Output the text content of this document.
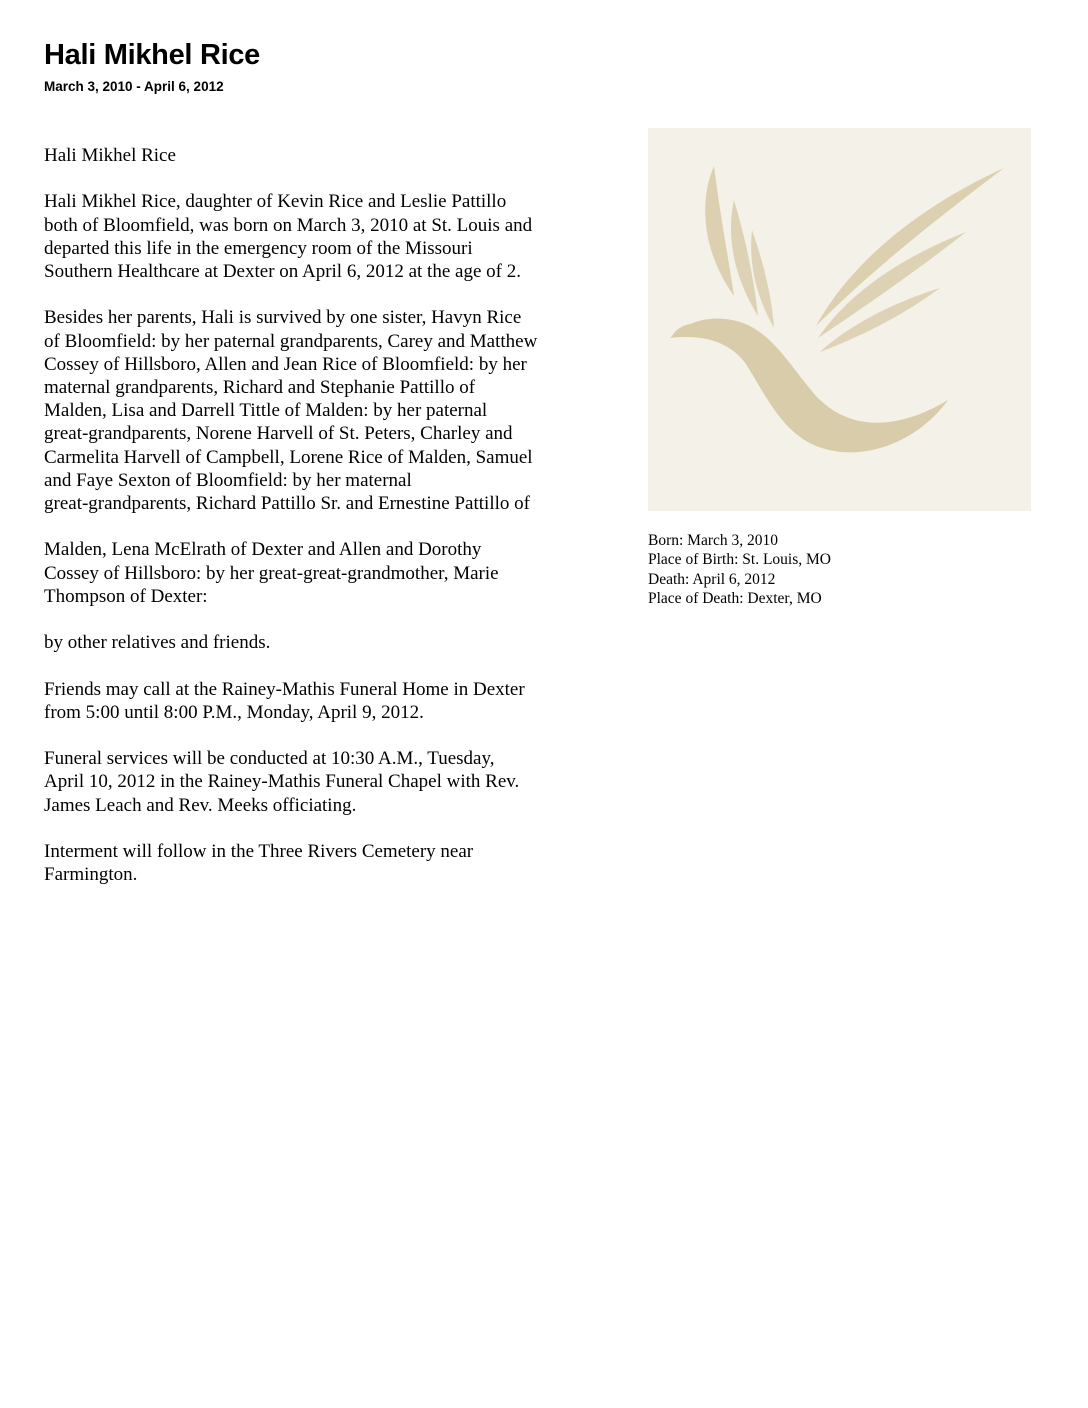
Hali Mikhel Rice
March 3, 2010 - April 6, 2012

Hali Mikhel Rice

Hali Mikhel Rice, daughter of Kevin Rice and Leslie Pattillo
both of Bloomfield, was born on March 3, 2010 at St. Louis and
departed this life in the emergency room of the Missouri
Southern Healthcare at Dexter on April 6, 2012 at the age of 2.

Besides her parents, Hali is survived by one sister, Havyn Rice
of Bloomfield: by her paternal grandparents, Carey and Matthew
Cossey of Hillsboro, Allen and Jean Rice of Bloomfield: by her
maternal grandparents, Richard and Stephanie Pattillo of
Malden, Lisa and Darrell Tittle of Malden: by her paternal
great-grandparents, Norene Harvell of St. Peters, Charley and
Carmelita Harvell of Campbell, Lorene Rice of Malden, Samuel
and Faye Sexton of Bloomfield: by her maternal
great-grandparents, Richard Pattillo Sr. and Ernestine Pattillo of

Malden, Lena McElrath of Dexter and Allen and Dorothy
Cossey of Hillsboro: by her great-great-grandmother, Marie
Thompson of Dexter:

by other relatives and friends.

Friends may call at the Rainey-Mathis Funeral Home in Dexter
from 5:00 until 8:00 P.M., Monday, April 9, 2012.

Funeral services will be conducted at 10:30 A.M., Tuesday,
April 10, 2012 in the Rainey-Mathis Funeral Chapel with Rev.
James Leach and Rev. Meeks officiating.

Interment will follow in the Three Rivers Cemetery near
Farmington.

Born: March 3, 2010
Place of Birth: St. Louis, MO
Death: April 6, 2012
Place of Death: Dexter, MO
